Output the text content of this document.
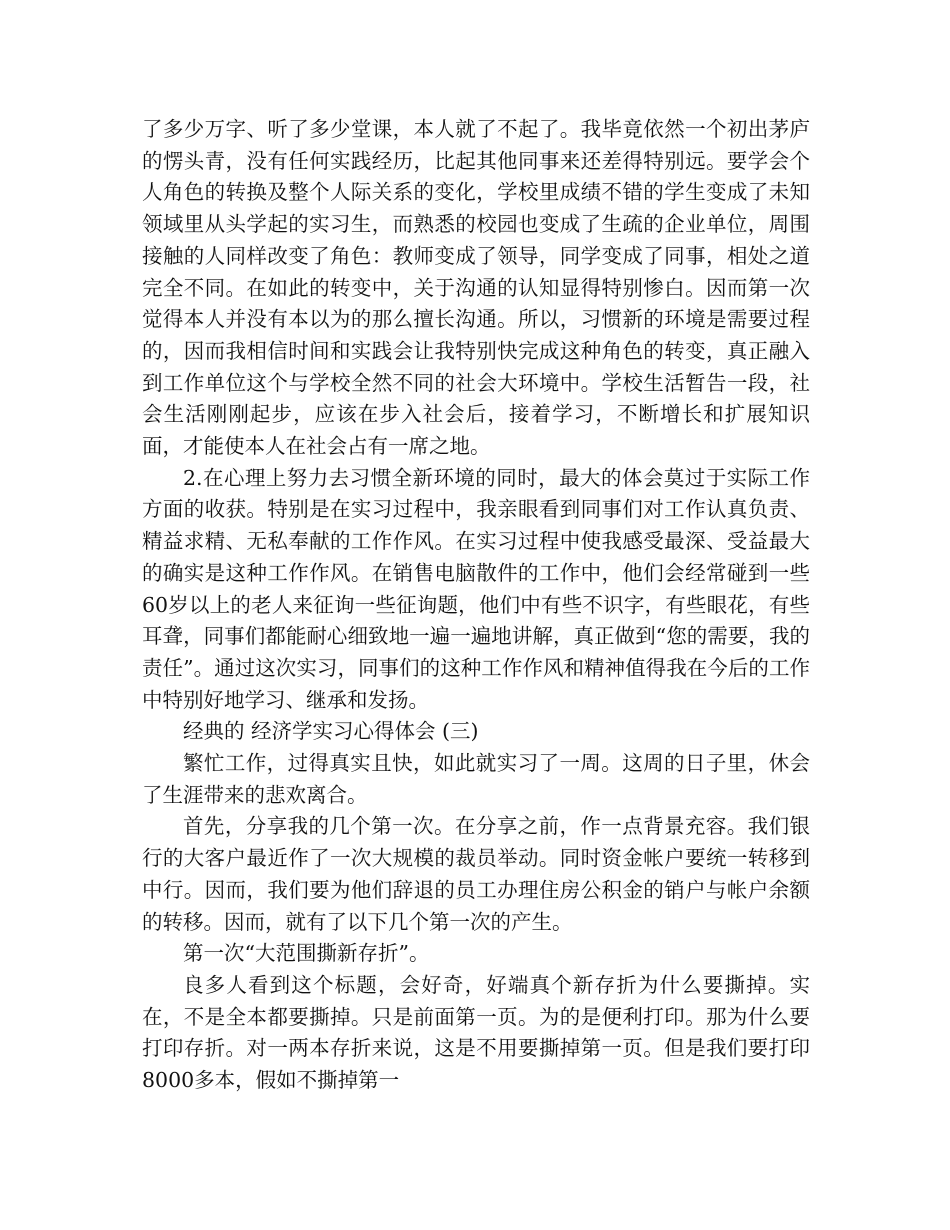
了多少万字、听了多少堂课，本人就了不起了。我毕竟依然一个初出茅庐的愣头青，没有任何实践经历，比起其他同事来还差得特别远。要学会个人角色的转换及整个人际关系的变化，学校里成绩不错的学生变成了未知领域里从头学起的实习生，而熟悉的校园也变成了生疏的企业单位，周围接触的人同样改变了角色：教师变成了领导，同学变成了同事，相处之道完全不同。在如此的转变中，关于沟通的认知显得特别惨白。因而第一次觉得本人并没有本以为的那么擅长沟通。所以，习惯新的环境是需要过程的，因而我相信时间和实践会让我特别快完成这种角色的转变，真正融入到工作单位这个与学校全然不同的社会大环境中。学校生活暂告一段，社会生活刚刚起步，应该在步入社会后，接着学习，不断增长和扩展知识面，才能使本人在社会占有一席之地。

2.在心理上努力去习惯全新环境的同时，最大的体会莫过于实际工作方面的收获。特别是在实习过程中，我亲眼看到同事们对工作认真负责、精益求精、无私奉献的工作作风。在实习过程中使我感受最深、受益最大的确实是这种工作作风。在销售电脑散件的工作中，他们会经常碰到一些60岁以上的老人来征询一些征询题，他们中有些不识字，有些眼花，有些耳聋，同事们都能耐心细致地一遍一遍地讲解，真正做到“您的需要，我的责任”。通过这次实习，同事们的这种工作作风和精神值得我在今后的工作中特别好地学习、继承和发扬。

经典的 经济学实习心得体会 (三)

繁忙工作，过得真实且快，如此就实习了一周。这周的日子里，休会了生涯带来的悲欢离合。

首先，分享我的几个第一次。在分享之前，作一点背景充容。我们银行的大客户最近作了一次大规模的裁员举动。同时资金帐户要统一转移到中行。因而，我们要为他们辞退的员工办理住房公积金的销户与帐户余额的转移。因而，就有了以下几个第一次的产生。

第一次“大范围撕新存折”。

良多人看到这个标题，会好奇，好端真个新存折为什么要撕掉。实在，不是全本都要撕掉。只是前面第一页。为的是便利打印。那为什么要打印存折。对一两本存折来说，这是不用要撕掉第一页。但是我们要打印8000多本，假如不撕掉第一
